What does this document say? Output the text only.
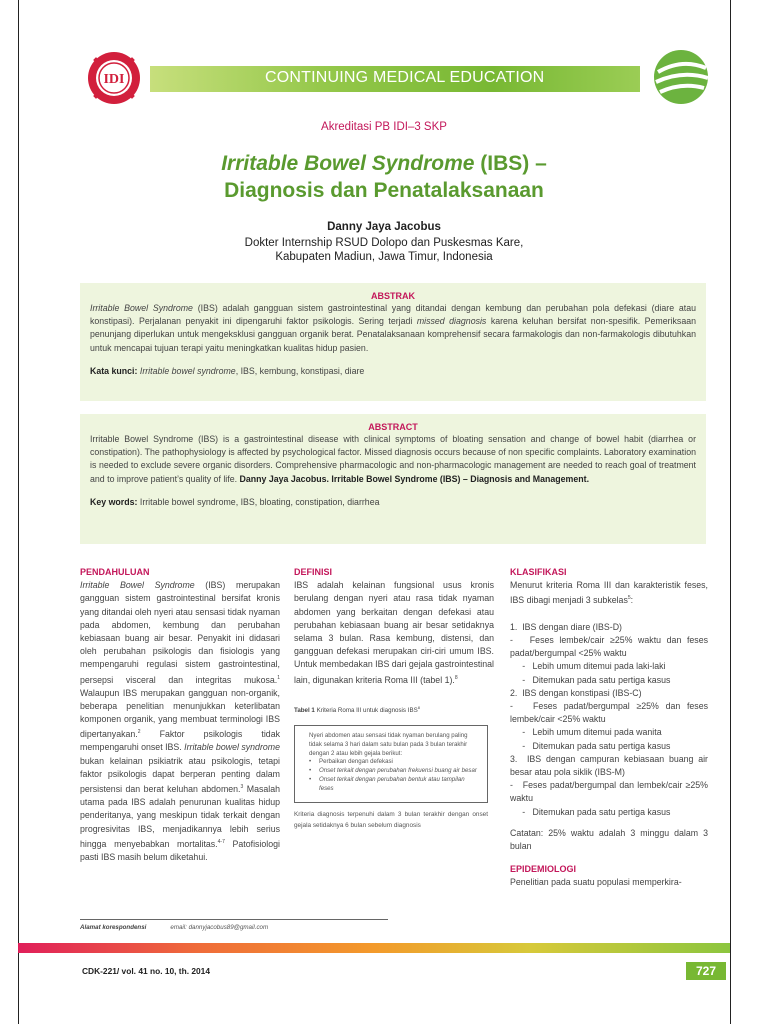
IDI	CONTINUING MEDICAL EDUCATION
Akreditasi PB IDI–3 SKP
Irritable Bowel Syndrome (IBS) –
Diagnosis dan Penatalaksanaan
Danny Jaya Jacobus
Dokter Internship RSUD Dolopo dan Puskesmas Kare,
Kabupaten Madiun, Jawa Timur, Indonesia
ABSTRAK
Irritable Bowel Syndrome (IBS) adalah gangguan sistem gastrointestinal yang ditandai dengan kembung dan perubahan pola defekasi (diare atau konstipasi). Perjalanan penyakit ini dipengaruhi faktor psikologis. Sering terjadi missed diagnosis karena keluhan bersifat non-spesifik. Pemeriksaan penunjang diperlukan untuk mengeksklusi gangguan organik berat. Penatalaksanaan komprehensif secara farmakologis dan non-farmakologis dibutuhkan untuk mencapai tujuan terapi yaitu meningkatkan kualitas hidup pasien.
Kata kunci: Irritable bowel syndrome, IBS, kembung, konstipasi, diare
ABSTRACT
Irritable Bowel Syndrome (IBS) is a gastrointestinal disease with clinical symptoms of bloating sensation and change of bowel habit (diarrhea or constipation). The pathophysiology is affected by psychological factor. Missed diagnosis occurs because of non specific complaints. Laboratory examination is needed to exclude severe organic disorders. Comprehensive pharmacologic and non-pharmacologic management are needed to reach goal of treatment and to improve patient’s quality of life. Danny Jaya Jacobus. Irritable Bowel Syndrome (IBS) – Diagnosis and Management.
Key words: Irritable bowel syndrome, IBS, bloating, constipation, diarrhea
PENDAHULUAN
Irritable Bowel Syndrome (IBS) merupakan gangguan sistem gastrointestinal bersifat kronis yang ditandai oleh nyeri atau sensasi tidak nyaman pada abdomen, kembung dan perubahan kebiasaan buang air besar. Penyakit ini didasari oleh perubahan psikologis dan fisiologis yang mempengaruhi regulasi sistem gastrointestinal, persepsi visceral dan integritas mukosa.$^1$ Walaupun IBS merupakan gangguan non-organik, beberapa penelitian menunjukkan keterlibatan komponen organik, yang membuat terminologi IBS dipertanyakan.$^2$ Faktor psikologis tidak mempengaruhi onset IBS. Irritable bowel syndrome bukan kelainan psikiatrik atau psikologis, tetapi faktor psikologis dapat berperan penting dalam persistensi dan berat keluhan abdomen.$^3$ Masalah utama pada IBS adalah penurunan kualitas hidup penderitanya, yang meskipun tidak terkait dengan progresivitas IBS, menjadikannya lebih serius hingga menyebabkan mortalitas.$^{4-7}$ Patofisiologi pasti IBS masih belum diketahui.
DEFINISI
IBS adalah kelainan fungsional usus kronis berulang dengan nyeri atau rasa tidak nyaman abdomen yang berkaitan dengan defekasi atau perubahan kebiasaan buang air besar setidaknya selama 3 bulan. Rasa kembung, distensi, dan gangguan defekasi merupakan ciri-ciri umum IBS. Untuk membedakan IBS dari gejala gastrointestinal lain, digunakan kriteria Roma III (tabel 1).$^8$
Tabel 1 Kriteria Roma III untuk diagnosis IBS$^8$
Nyeri abdomen atau sensasi tidak nyaman berulang paling tidak selama 3 hari dalam satu bulan pada 3 bulan terakhir dengan 2 atau lebih gejala berikut:
• Perbaikan dengan defekasi
• Onset terkait dengan perubahan frekuensi buang air besar
• Onset terkait dengan perubahan bentuk atau tampilan feses
Kriteria diagnosis terpenuhi dalam 3 bulan terakhir dengan onset gejala setidaknya 6 bulan sebelum diagnosis
KLASIFIKASI
Menurut kriteria Roma III dan karakteristik feses, IBS dibagi menjadi 3 subkelas$^5$:

1.  IBS dengan diare (IBS-D)
-   Feses lembek/cair ≥25% waktu dan feses padat/bergumpal <25% waktu
-   Lebih umum ditemui pada laki-laki
-   Ditemukan pada satu pertiga kasus
2.  IBS dengan konstipasi (IBS-C)
-   Feses padat/bergumpal ≥25% dan feses lembek/cair <25% waktu
-   Lebih umum ditemui pada wanita
-   Ditemukan pada satu pertiga kasus
3.  IBS dengan campuran kebiasaan buang air besar atau pola siklik (IBS-M)
-   Feses padat/bergumpal dan lembek/cair ≥25% waktu
-   Ditemukan pada satu pertiga kasus
Catatan: 25% waktu adalah 3 minggu dalam 3 bulan
EPIDEMIOLOGI
Penelitian pada suatu populasi memperkira-
Alamat korespondensi	email: dannyjacobus89@gmail.com
CDK-221/ vol. 41 no. 10, th. 2014	727
